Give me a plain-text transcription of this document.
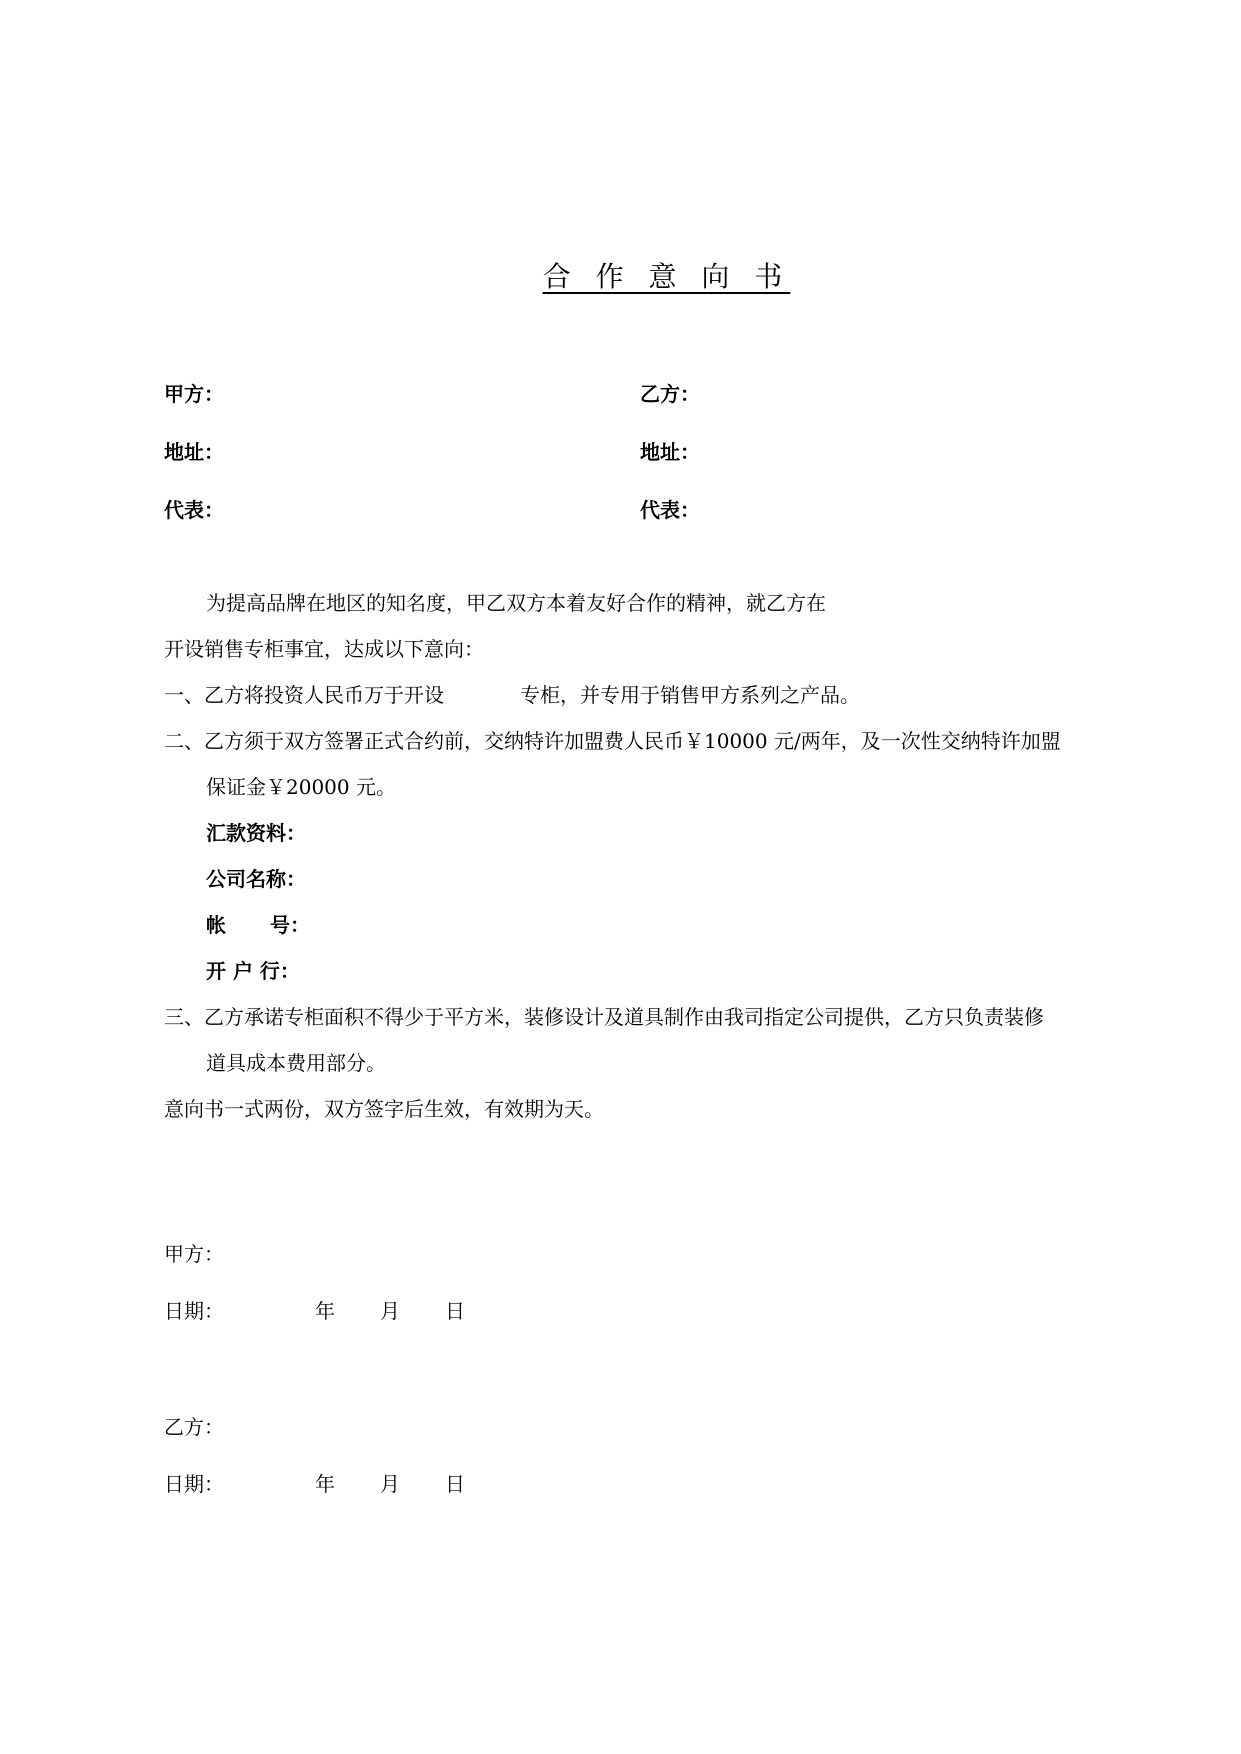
合 作 意 向 书
甲方：	乙方：
地址：	地址：
代表：	代表：
为提高品牌在地区的知名度，甲乙双方本着友好合作的精神，就乙方在
开设销售专柜事宜，达成以下意向：
一、乙方将投资人民币万于开设	专柜，并专用于销售甲方系列之产品。
二、乙方须于双方签署正式合约前，交纳特许加盟费人民币￥10000 元/两年，及一次性交纳特许加盟
保证金￥20000 元。
汇款资料：
公司名称：
帐 号：
开 户 行：
三、乙方承诺专柜面积不得少于平方米，装修设计及道具制作由我司指定公司提供，乙方只负责装修
道具成本费用部分。
意向书一式两份，双方签字后生效，有效期为天。
甲方：
日期：	年 月 日
乙方：
日期：	年 月 日
